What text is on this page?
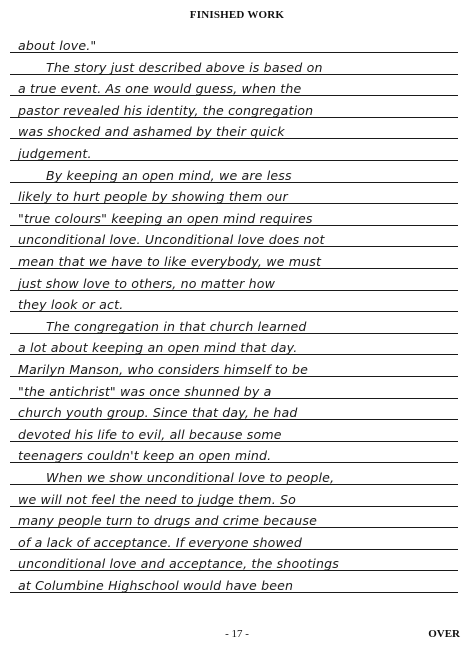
FINISHED WORK
about love."
The story just described above is based on
a true event. As one would guess, when the
pastor revealed his identity, the congregation
was shocked and ashamed by their quick
judgement.
By keeping an open mind, we are less
likely to hurt people by showing them our
"true colours" keeping an open mind requires
unconditional love. Unconditional love does not
mean that we have to like everybody, we must
just show love to others, no matter how
they look or act.
The congregation in that church learned
a lot about keeping an open mind that day.
Marilyn Manson, who considers himself to be
"the antichrist" was once shunned by a
church youth group. Since that day, he had
devoted his life to evil, all because some
teenagers couldn't keep an open mind.
When we show unconditional love to people,
we will not feel the need to judge them. So
many people turn to drugs and crime because
of a lack of acceptance. If everyone showed
unconditional love and acceptance, the shootings
at Columbine Highschool would have been
- 17 -	OVER
